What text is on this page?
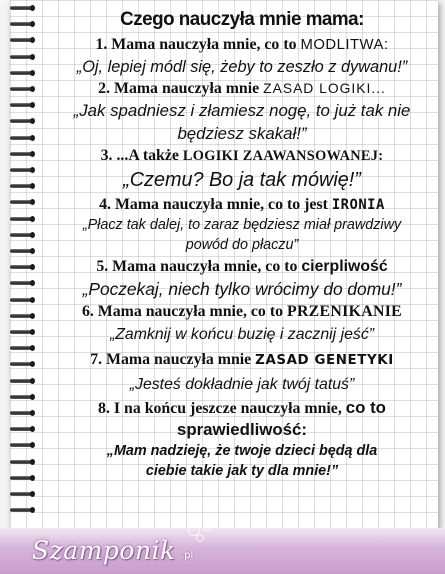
Czego nauczyła mnie mama:
1. Mama nauczyła mnie, co to MODLITWA:
„Oj, lepiej módl się, żeby to zeszło z dywanu!”
2. Mama nauczyła mnie ZASAD LOGIKI...
„Jak spadniesz i złamiesz nogę, to już tak nie
będziesz skakał!”
3. ...A także LOGIKI ZAAWANSOWANEJ:
„Czemu? Bo ja tak mówię!”
4. Mama nauczyła mnie, co to jest IRONIA
„Płacz tak dalej, to zaraz będziesz miał prawdziwy
powód do płaczu”
5. Mama nauczyła mnie, co to cierpliwość
„Poczekaj, niech tylko wrócimy do domu!”
6. Mama nauczyła mnie, co to PRZENIKANIE
„Zamknij w końcu buzię i zacznij jeść”
7. Mama nauczyła mnie ZASAD GENETYKI
„Jesteś dokładnie jak twój tatuś”
8. I na końcu jeszcze nauczyła mnie, co to
sprawiedliwość:
„Mam nadzieję, że twoje dzieci będą dla
ciebie takie jak ty dla mnie!”
Szamponik .pl
